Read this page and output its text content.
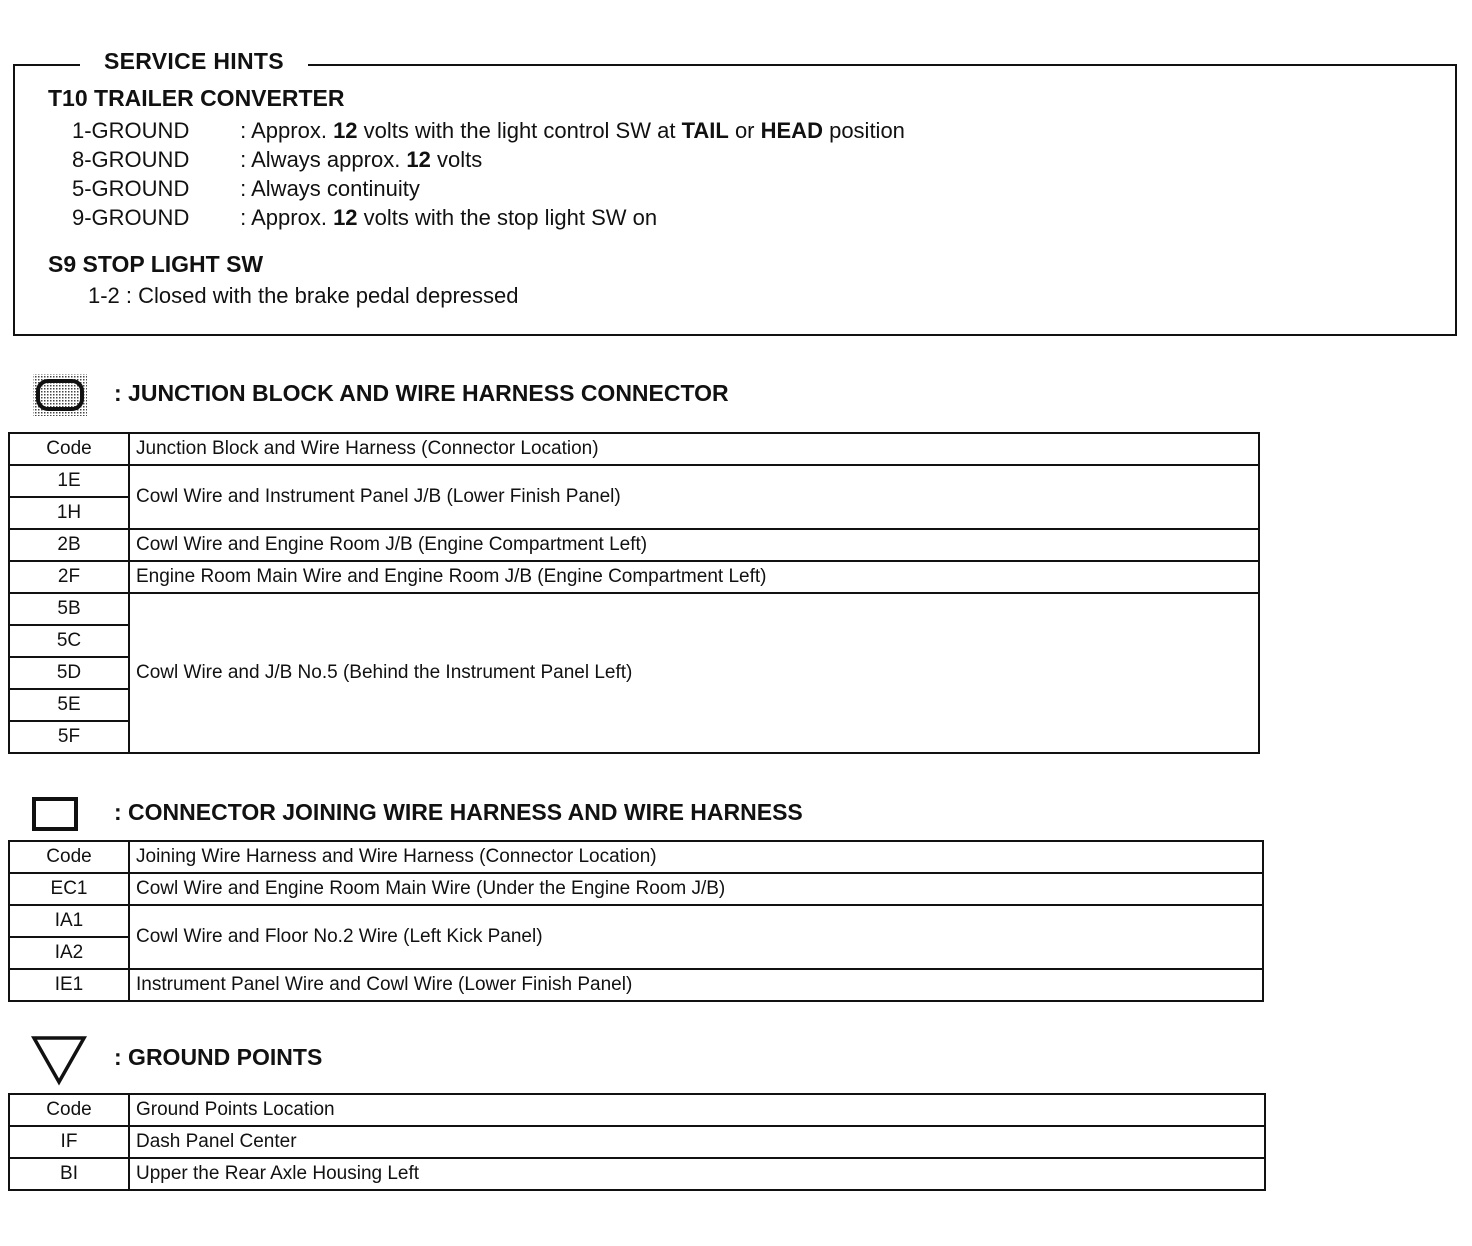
SERVICE HINTS
T10 TRAILER CONVERTER
1-GROUND : Approx. 12 volts with the light control SW at TAIL or HEAD position
8-GROUND : Always approx. 12 volts
5-GROUND : Always continuity
9-GROUND : Approx. 12 volts with the stop light SW on
S9 STOP LIGHT SW
1-2 : Closed with the brake pedal depressed
: JUNCTION BLOCK AND WIRE HARNESS CONNECTOR
Code	Junction Block and Wire Harness (Connector Location)
1E	Cowl Wire and Instrument Panel J/B (Lower Finish Panel)
1H	
2B	Cowl Wire and Engine Room J/B (Engine Compartment Left)
2F	Engine Room Main Wire and Engine Room J/B (Engine Compartment Left)
5B	Cowl Wire and J/B No.5 (Behind the Instrument Panel Left)
5C	
5D	
5E	
5F	
: CONNECTOR JOINING WIRE HARNESS AND WIRE HARNESS
Code	Joining Wire Harness and Wire Harness (Connector Location)
EC1	Cowl Wire and Engine Room Main Wire (Under the Engine Room J/B)
IA1	Cowl Wire and Floor No.2 Wire (Left Kick Panel)
IA2	
IE1	Instrument Panel Wire and Cowl Wire (Lower Finish Panel)
: GROUND POINTS
Code	Ground Points Location
IF	Dash Panel Center
BI	Upper the Rear Axle Housing Left
